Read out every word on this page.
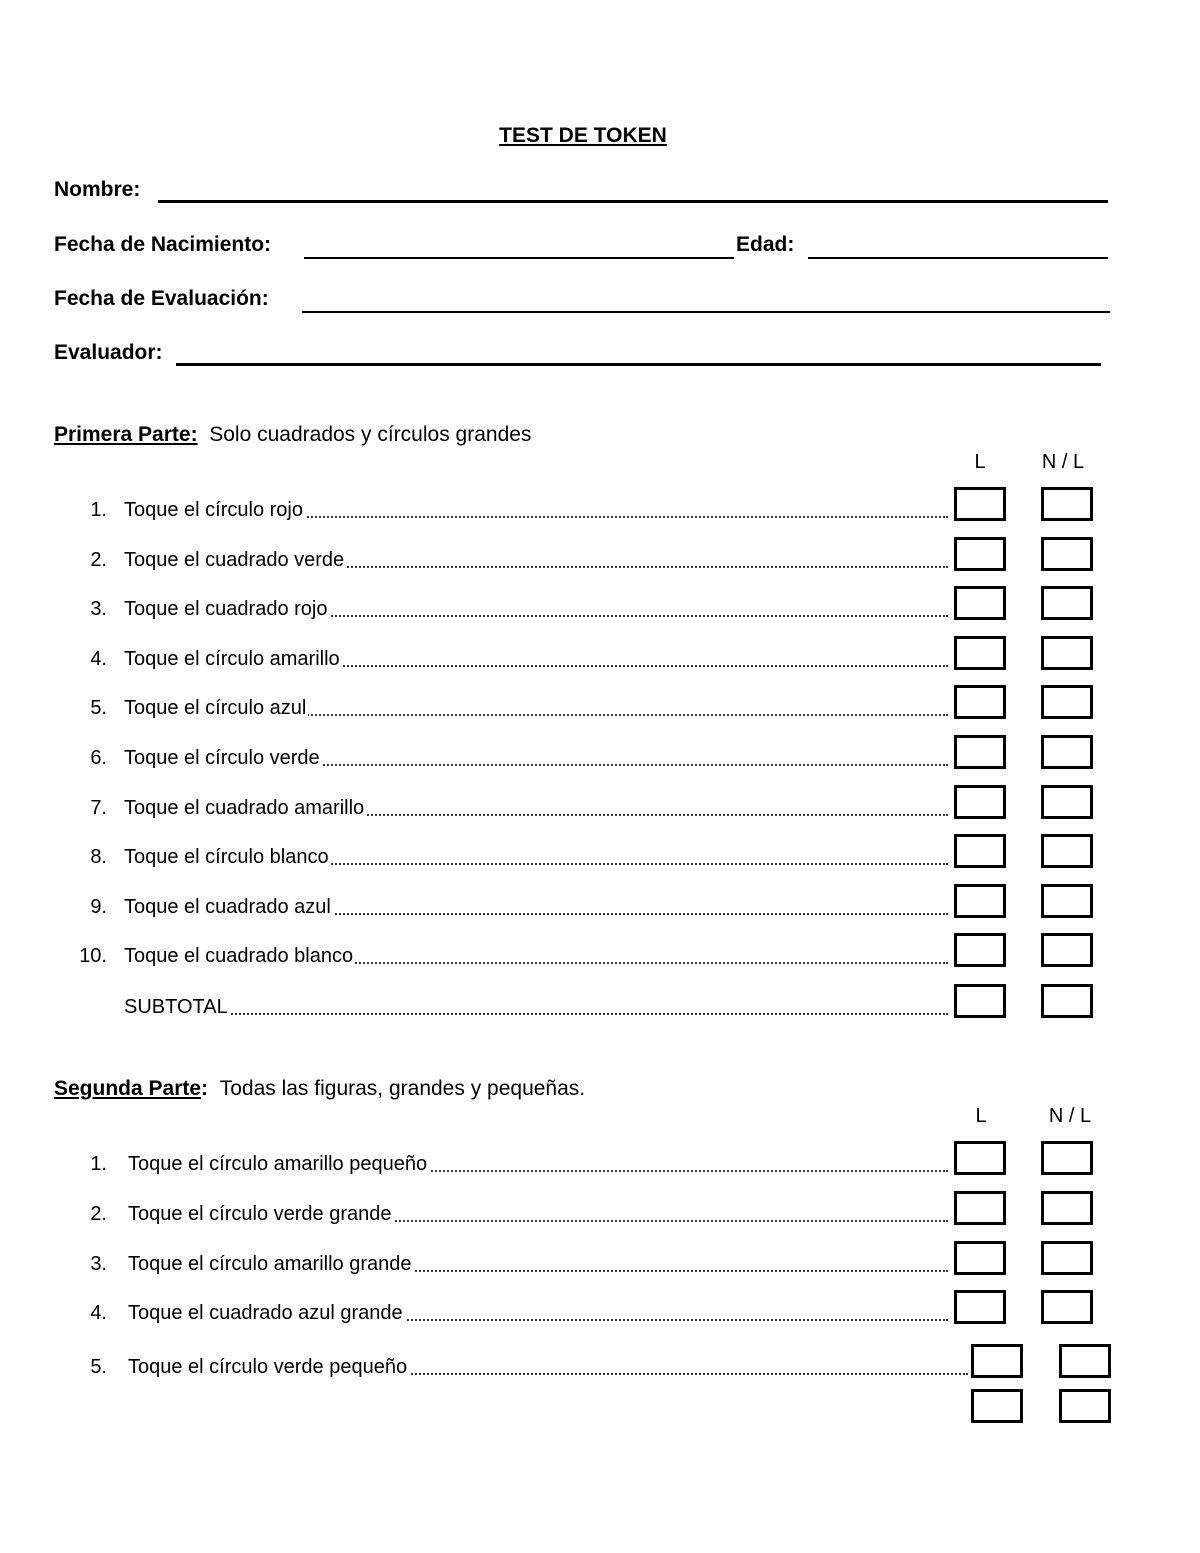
TEST DE TOKEN
Nombre:
Fecha de Nacimiento:	Edad:
Fecha de Evaluación:
Evaluador:
Primera Parte: Solo cuadrados y círculos grandes
L	N / L
1. Toque el círculo rojo
2. Toque el cuadrado verde
3. Toque el cuadrado rojo
4. Toque el círculo amarillo
5. Toque el círculo azul
6. Toque el círculo verde
7. Toque el cuadrado amarillo
8. Toque el círculo blanco
9. Toque el cuadrado azul
10. Toque el cuadrado blanco
SUBTOTAL
Segunda Parte: Todas las figuras, grandes y pequeñas.
L	N / L
1. Toque el círculo amarillo pequeño
2. Toque el círculo verde grande
3. Toque el círculo amarillo grande
4. Toque el cuadrado azul grande
5. Toque el círculo verde pequeño
